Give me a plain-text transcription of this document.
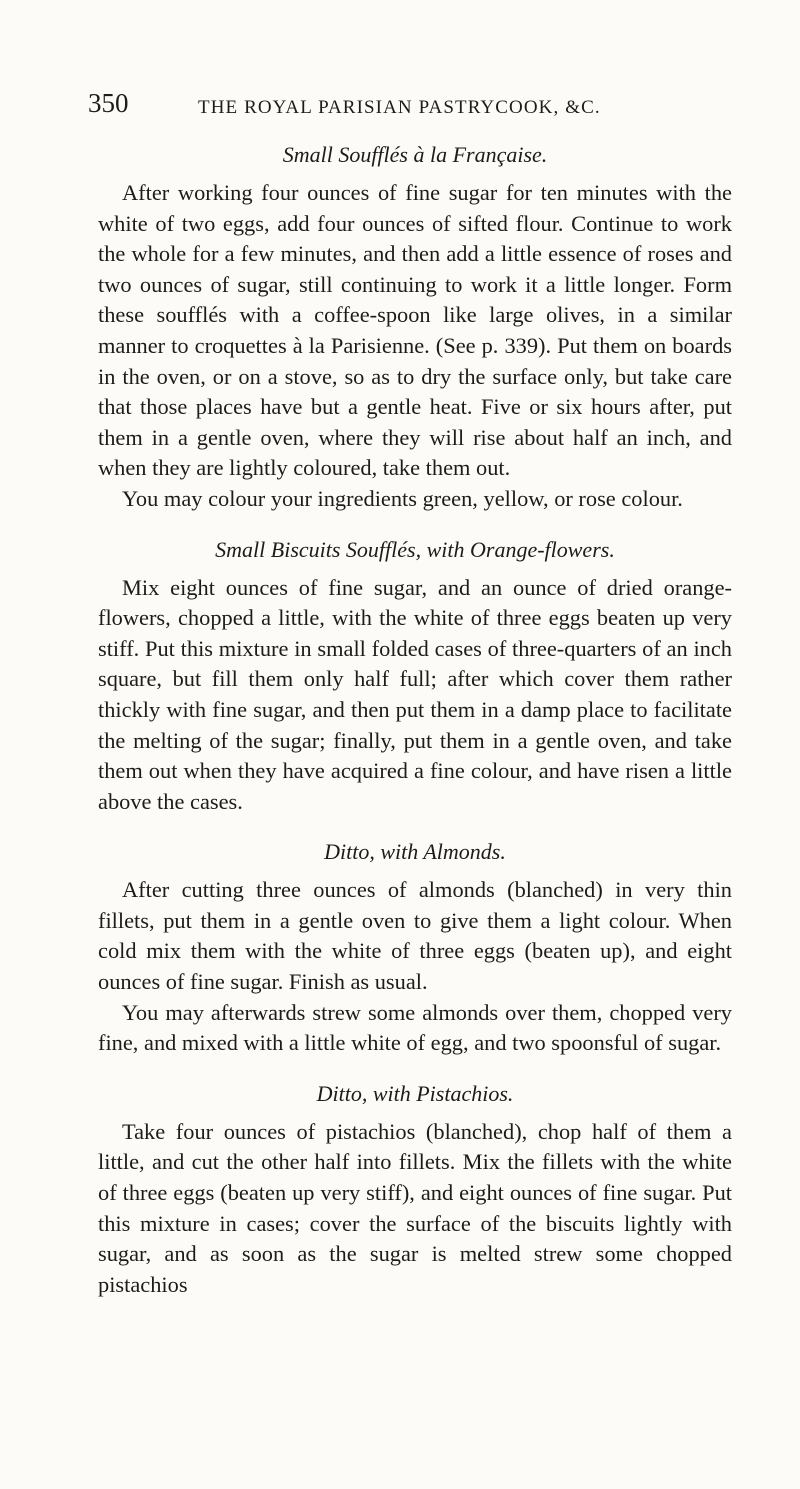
350	THE ROYAL PARISIAN PASTRYCOOK, &C.
Small Soufflés à la Française.

After working four ounces of fine sugar for ten minutes with the white of two eggs, add four ounces of sifted flour. Continue to work the whole for a few minutes, and then add a little essence of roses and two ounces of sugar, still continuing to work it a little longer. Form these soufflés with a coffee-spoon like large olives, in a similar manner to croquettes à la Parisienne. (See p. 339). Put them on boards in the oven, or on a stove, so as to dry the surface only, but take care that those places have but a gentle heat. Five or six hours after, put them in a gentle oven, where they will rise about half an inch, and when they are lightly coloured, take them out.

You may colour your ingredients green, yellow, or rose colour.

Small Biscuits Soufflés, with Orange-flowers.

Mix eight ounces of fine sugar, and an ounce of dried orange-flowers, chopped a little, with the white of three eggs beaten up very stiff. Put this mixture in small folded cases of three-quarters of an inch square, but fill them only half full; after which cover them rather thickly with fine sugar, and then put them in a damp place to facilitate the melting of the sugar; finally, put them in a gentle oven, and take them out when they have acquired a fine colour, and have risen a little above the cases.

Ditto, with Almonds.

After cutting three ounces of almonds (blanched) in very thin fillets, put them in a gentle oven to give them a light colour. When cold mix them with the white of three eggs (beaten up), and eight ounces of fine sugar. Finish as usual.

You may afterwards strew some almonds over them, chopped very fine, and mixed with a little white of egg, and two spoonsful of sugar.

Ditto, with Pistachios.

Take four ounces of pistachios (blanched), chop half of them a little, and cut the other half into fillets. Mix the fillets with the white of three eggs (beaten up very stiff), and eight ounces of fine sugar. Put this mixture in cases; cover the surface of the biscuits lightly with sugar, and as soon as the sugar is melted strew some chopped pistachios
